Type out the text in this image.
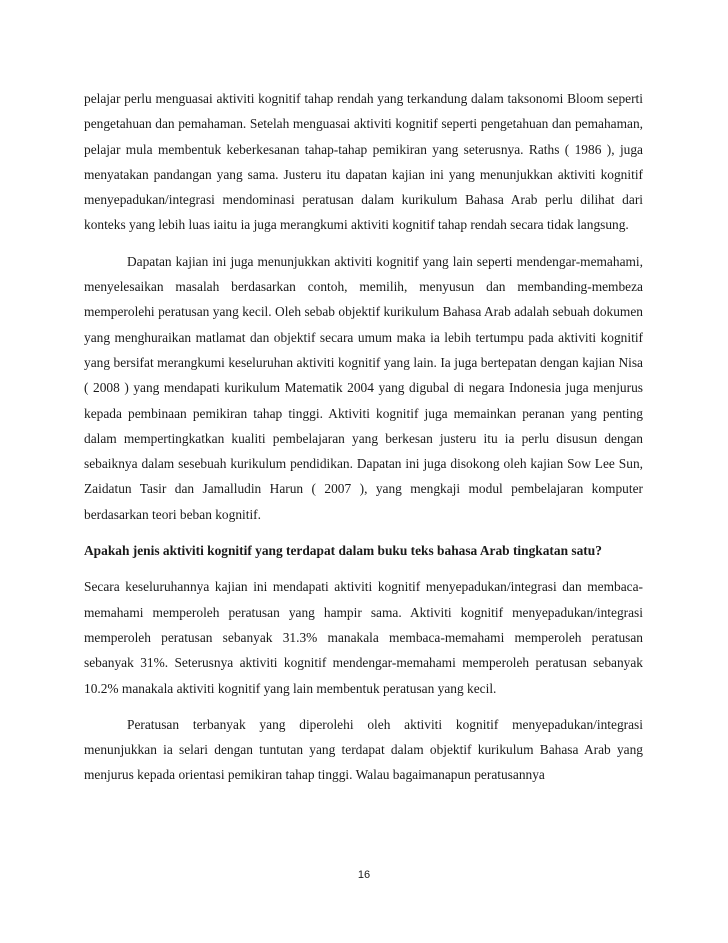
pelajar perlu menguasai aktiviti kognitif tahap rendah yang terkandung dalam taksonomi Bloom seperti pengetahuan dan pemahaman. Setelah menguasai aktiviti kognitif seperti pengetahuan dan pemahaman, pelajar mula membentuk keberkesanan tahap-tahap pemikiran yang seterusnya. Raths ( 1986 ), juga menyatakan pandangan yang sama. Justeru itu dapatan kajian ini yang menunjukkan aktiviti kognitif menyepadukan/integrasi mendominasi peratusan dalam kurikulum Bahasa Arab perlu dilihat dari konteks yang lebih luas iaitu ia juga merangkumi aktiviti kognitif tahap rendah secara tidak langsung.

Dapatan kajian ini juga menunjukkan aktiviti kognitif yang lain seperti mendengar-memahami, menyelesaikan masalah berdasarkan contoh, memilih, menyusun dan membanding-membeza memperolehi peratusan yang kecil. Oleh sebab objektif kurikulum Bahasa Arab adalah sebuah dokumen yang menghuraikan matlamat dan objektif secara umum maka ia lebih tertumpu pada aktiviti kognitif yang bersifat merangkumi keseluruhan aktiviti kognitif yang lain. Ia juga bertepatan dengan kajian Nisa ( 2008 ) yang mendapati kurikulum Matematik 2004 yang digubal di negara Indonesia juga menjurus kepada pembinaan pemikiran tahap tinggi. Aktiviti kognitif juga memainkan peranan yang penting dalam mempertingkatkan kualiti pembelajaran yang berkesan justeru itu ia perlu disusun dengan sebaiknya dalam sesebuah kurikulum pendidikan. Dapatan ini juga disokong oleh kajian Sow Lee Sun, Zaidatun Tasir dan Jamalludin Harun ( 2007 ), yang mengkaji modul pembelajaran komputer berdasarkan teori beban kognitif.

Apakah jenis aktiviti kognitif yang terdapat dalam buku teks bahasa Arab tingkatan satu?

Secara keseluruhannya kajian ini mendapati aktiviti kognitif menyepadukan/integrasi dan membaca-memahami memperoleh peratusan yang hampir sama. Aktiviti kognitif menyepadukan/integrasi memperoleh peratusan sebanyak 31.3% manakala membaca-memahami memperoleh peratusan sebanyak 31%. Seterusnya aktiviti kognitif mendengar-memahami memperoleh peratusan sebanyak 10.2% manakala aktiviti kognitif yang lain membentuk peratusan yang kecil.

Peratusan terbanyak yang diperolehi oleh aktiviti kognitif menyepadukan/integrasi menunjukkan ia selari dengan tuntutan yang terdapat dalam objektif kurikulum Bahasa Arab yang menjurus kepada orientasi pemikiran tahap tinggi. Walau bagaimanapun peratusannya

16
